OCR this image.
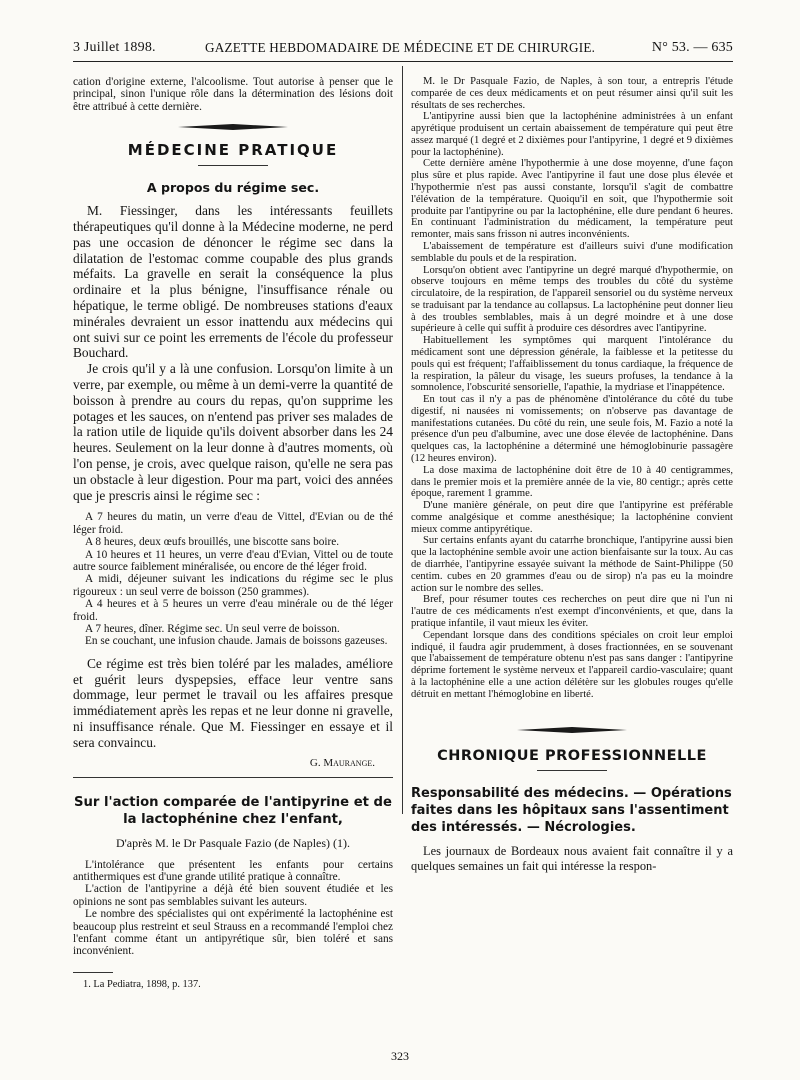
3 Juillet 1898.	GAZETTE HEBDOMADAIRE DE MÉDECINE ET DE CHIRURGIE.	N° 53. — 635

cation d'origine externe, l'alcoolisme. Tout autorise à penser que le principal, sinon l'unique rôle dans la détermination des lésions doit être attribué à cette dernière.

MÉDECINE PRATIQUE
A propos du régime sec.

M. Fiessinger, dans les intéressants feuillets thérapeutiques qu'il donne à la Médecine moderne, ne perd pas une occasion de dénoncer le régime sec dans la dilatation de l'estomac comme coupable des plus grands méfaits. La gravelle en serait la conséquence la plus ordinaire et la plus bénigne, l'insuffisance rénale ou hépatique, le terme obligé. De nombreuses stations d'eaux minérales devraient un essor inattendu aux médecins qui ont suivi sur ce point les errements de l'école du professeur Bouchard.

Je crois qu'il y a là une confusion. Lorsqu'on limite à un verre, par exemple, ou même à un demi-verre la quantité de boisson à prendre au cours du repas, qu'on supprime les potages et les sauces, on n'entend pas priver ses malades de la ration utile de liquide qu'ils doivent absorber dans les 24 heures. Seulement on la leur donne à d'autres moments, où l'on pense, je crois, avec quelque raison, qu'elle ne sera pas un obstacle à leur digestion. Pour ma part, voici des années que je prescris ainsi le régime sec :

A 7 heures du matin, un verre d'eau de Vittel, d'Evian ou de thé léger froid.

A 8 heures, deux œufs brouillés, une biscotte sans boire.

A 10 heures et 11 heures, un verre d'eau d'Evian, Vittel ou de toute autre source faiblement minéralisée, ou encore de thé léger froid.

A midi, déjeuner suivant les indications du régime sec le plus rigoureux : un seul verre de boisson (250 grammes).

A 4 heures et à 5 heures un verre d'eau minérale ou de thé léger froid.

A 7 heures, dîner. Régime sec. Un seul verre de boisson.

En se couchant, une infusion chaude. Jamais de boissons gazeuses.

Ce régime est très bien toléré par les malades, améliore et guérit leurs dyspepsies, efface leur ventre sans dommage, leur permet le travail ou les affaires presque immédiatement après les repas et ne leur donne ni gravelle, ni insuffisance rénale. Que M. Fiessinger en essaye et il sera convaincu.

G. Maurange.
Sur l'action comparée de l'antipyrine et de la lactophénine chez l'enfant,
D'après M. le Dr Pasquale Fazio (de Naples) (1).

L'intolérance que présentent les enfants pour certains antithermiques est d'une grande utilité pratique à connaître.

L'action de l'antipyrine a déjà été bien souvent étudiée et les opinions ne sont pas semblables suivant les auteurs.

Le nombre des spécialistes qui ont expérimenté la lactophénine est beaucoup plus restreint et seul Strauss en a recommandé l'emploi chez l'enfant comme étant un antipyrétique sûr, bien toléré et sans inconvénient.

1. La Pediatra, 1898, p. 137.

M. le Dr Pasquale Fazio, de Naples, à son tour, a entrepris l'étude comparée de ces deux médicaments et on peut résumer ainsi qu'il suit les résultats de ses recherches.

L'antipyrine aussi bien que la lactophénine administrées à un enfant apyrétique produisent un certain abaissement de température qui peut être assez marqué (1 degré et 2 dixièmes pour l'antipyrine, 1 degré et 9 dixièmes pour la lactophénine).

Cette dernière amène l'hypothermie à une dose moyenne, d'une façon plus sûre et plus rapide. Avec l'antipyrine il faut une dose plus élevée et l'hypothermie n'est pas aussi constante, lorsqu'il s'agit de combattre l'élévation de la température. Quoiqu'il en soit, que l'hypothermie soit produite par l'antipyrine ou par la lactophénine, elle dure pendant 6 heures. En continuant l'administration du médicament, la température peut remonter, mais sans frisson ni autres inconvénients.

L'abaissement de température est d'ailleurs suivi d'une modification semblable du pouls et de la respiration.

Lorsqu'on obtient avec l'antipyrine un degré marqué d'hypothermie, on observe toujours en même temps des troubles du côté du système circulatoire, de la respiration, de l'appareil sensoriel ou du système nerveux se traduisant par la tendance au collapsus. La lactophénine peut donner lieu à des troubles semblables, mais à un degré moindre et à une dose supérieure à celle qui suffit à produire ces désordres avec l'antipyrine.

Habituellement les symptômes qui marquent l'intolérance du médicament sont une dépression générale, la faiblesse et la petitesse du pouls qui est fréquent; l'affaiblissement du tonus cardiaque, la fréquence de la respiration, la pâleur du visage, les sueurs profuses, la tendance à la somnolence, l'obscurité sensorielle, l'apathie, la mydriase et l'inappétence.

En tout cas il n'y a pas de phénomène d'intolérance du côté du tube digestif, ni nausées ni vomissements; on n'observe pas davantage de manifestations cutanées. Du côté du rein, une seule fois, M. Fazio a noté la présence d'un peu d'albumine, avec une dose élevée de lactophénine. Dans quelques cas, la lactophénine a déterminé une hémoglobinurie passagère (12 heures environ).

La dose maxima de lactophénine doit être de 10 à 40 centigrammes, dans le premier mois et la première année de la vie, 80 centigr.; après cette époque, rarement 1 gramme.

D'une manière générale, on peut dire que l'antipyrine est préférable comme analgésique et comme anesthésique; la lactophénine convient mieux comme antipyrétique.

Sur certains enfants ayant du catarrhe bronchique, l'antipyrine aussi bien que la lactophénine semble avoir une action bienfaisante sur la toux. Au cas de diarrhée, l'antipyrine essayée suivant la méthode de Saint-Philippe (50 centim. cubes en 20 grammes d'eau ou de sirop) n'a pas eu la moindre action sur le nombre des selles.

Bref, pour résumer toutes ces recherches on peut dire que ni l'un ni l'autre de ces médicaments n'est exempt d'inconvénients, et que, dans la pratique infantile, il vaut mieux les éviter.

Cependant lorsque dans des conditions spéciales on croit leur emploi indiqué, il faudra agir prudemment, à doses fractionnées, en se souvenant que l'abaissement de température obtenu n'est pas sans danger : l'antipyrine déprime fortement le système nerveux et l'appareil cardio-vasculaire; quant à la lactophénine elle a une action délétère sur les globules rouges qu'elle détruit en mettant l'hémoglobine en liberté.

CHRONIQUE PROFESSIONNELLE

Responsabilité des médecins. — Opérations faites dans les hôpitaux sans l'assentiment des intéressés. — Nécrologies.

Les journaux de Bordeaux nous avaient fait connaître il y a quelques semaines un fait qui intéresse la respon-

323
